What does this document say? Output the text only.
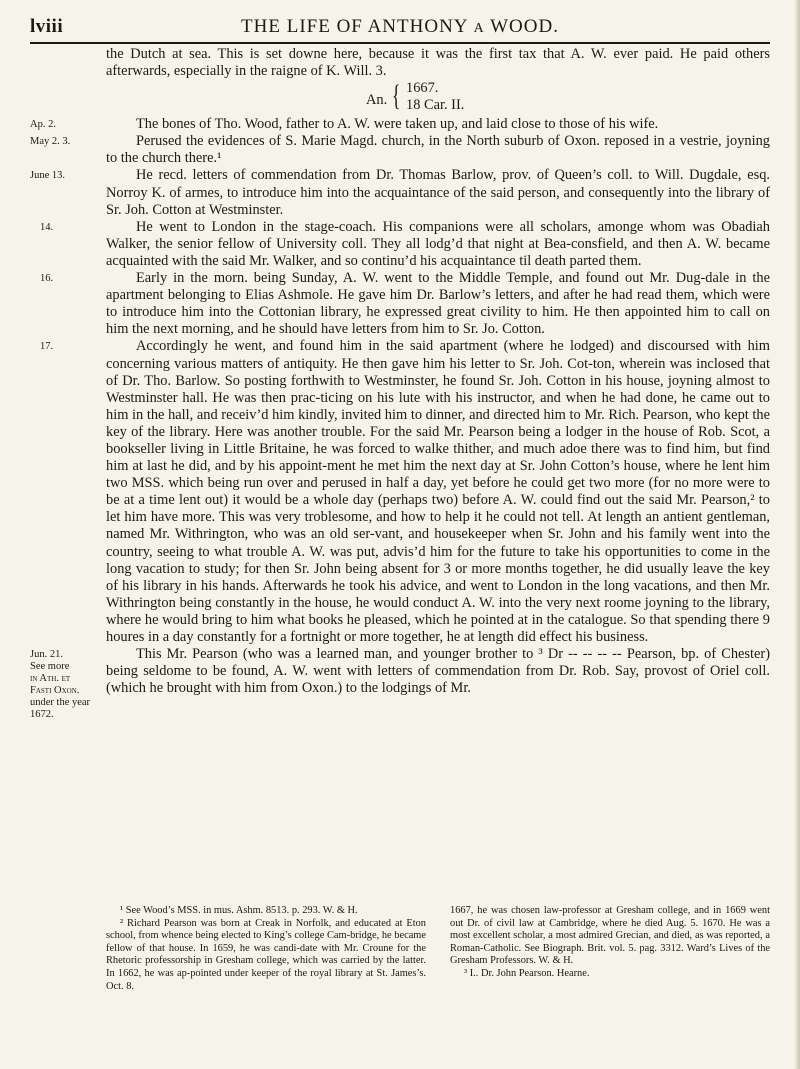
lviii	THE LIFE OF ANTHONY A WOOD.
the Dutch at sea. This is set downe here, because it was the first tax that A. W. ever paid. He paid others afterwards, especially in the raigne of K. Will. 3.
An. { 1667.
18 Car. II.
Ap. 2.	The bones of Tho. Wood, father to A. W. were taken up, and laid close to those of his wife.
May 2. 3.	Perused the evidences of S. Marie Magd. church, in the North suburb of Oxon. reposed in a vestrie, joyning to the church there.¹
June 13.	He recd. letters of commendation from Dr. Thomas Barlow, prov. of Queen’s coll. to Will. Dugdale, esq. Norroy K. of armes, to introduce him into the acquaintance of the said person, and consequently into the library of Sr. Joh. Cotton at Westminster.
14.	He went to London in the stage-coach. His companions were all scholars, amonge whom was Obadiah Walker, the senior fellow of University coll. They all lodg’d that night at Bea-consfield, and then A. W. became acquainted with the said Mr. Walker, and so continu’d his acquaintance til death parted them.
16.	Early in the morn. being Sunday, A. W. went to the Middle Temple, and found out Mr. Dug-dale in the apartment belonging to Elias Ashmole. He gave him Dr. Barlow’s letters, and after he had read them, which were to introduce him into the Cottonian library, he expressed great civility to him. He then appointed him to call on him the next morning, and he should have letters from him to Sr. Jo. Cotton.
17.	Accordingly he went, and found him in the said apartment (where he lodged) and discoursed with him concerning various matters of antiquity. He then gave him his letter to Sr. Joh. Cot-ton, wherein was inclosed that of Dr. Tho. Barlow. So posting forthwith to Westminster, he found Sr. Joh. Cotton in his house, joyning almost to Westminster hall. He was then prac-ticing on his lute with his instructor, and when he had done, he came out to him in the hall, and receiv’d him kindly, invited him to dinner, and directed him to Mr. Rich. Pearson, who kept the key of the library. Here was another trouble. For the said Mr. Pearson being a lodger in the house of Rob. Scot, a bookseller living in Little Britaine, he was forced to walke thither, and much adoe there was to find him, but find him at last he did, and by his appoint-ment he met him the next day at Sr. John Cotton’s house, where he lent him two MSS. which being run over and perused in half a day, yet before he could get two more (for no more were to be at a time lent out) it would be a whole day (perhaps two) before A. W. could find out the said Mr. Pearson,² to let him have more. This was very troblesome, and how to help it he could not tell. At length an antient gentleman, named Mr. Withrington, who was an old ser-vant, and housekeeper when Sr. John and his family went into the country, seeing to what trouble A. W. was put, advis’d him for the future to take his opportunities to come in the long vacation to study; for then Sr. John being absent for 3 or more months together, he did usually leave the key of his library in his hands. Afterwards he took his advice, and went to London in the long vacations, and then Mr. Withrington being constantly in the house, he would conduct A. W. into the very next roome joyning to the library, where he would bring to him what books he pleased, which he pointed at in the catalogue. So that spending there 9 houres in a day constantly for a fortnight or more together, he at length did effect his business.
Jun. 21.
See more
in Ath. et
Fasti Oxon.
under the year
1672.
This Mr. Pearson (who was a learned man, and younger brother to ³ Dr -- -- -- -- Pearson, bp. of Chester) being seldome to be found, A. W. went with letters of commendation from Dr. Rob. Say, provost of Oriel coll. (which he brought with him from Oxon.) to the lodgings of Mr.

¹ See Wood’s MSS. in mus. Ashm. 8513. p. 293. W. & H.

² Richard Pearson was born at Creak in Norfolk, and educated at Eton school, from whence being elected to King’s college Cam-bridge, he became fellow of that house. In 1659, he was candi-date with Mr. Croune for the Rhetoric professorship in Gresham college, which was carried by the latter. In 1662, he was ap-pointed under keeper of the royal library at St. James’s. Oct. 8.

1667, he was chosen law-professor at Gresham college, and in 1669 went out Dr. of civil law at Cambridge, where he died Aug. 5. 1670. He was a most excellent scholar, a most admired Grecian, and died, as was reported, a Roman-Catholic. See Biograph. Brit. vol. 5. pag. 3312. Ward’s Lives of the Gresham Professors. W. & H.

³ I.. Dr. John Pearson. Hearne.
